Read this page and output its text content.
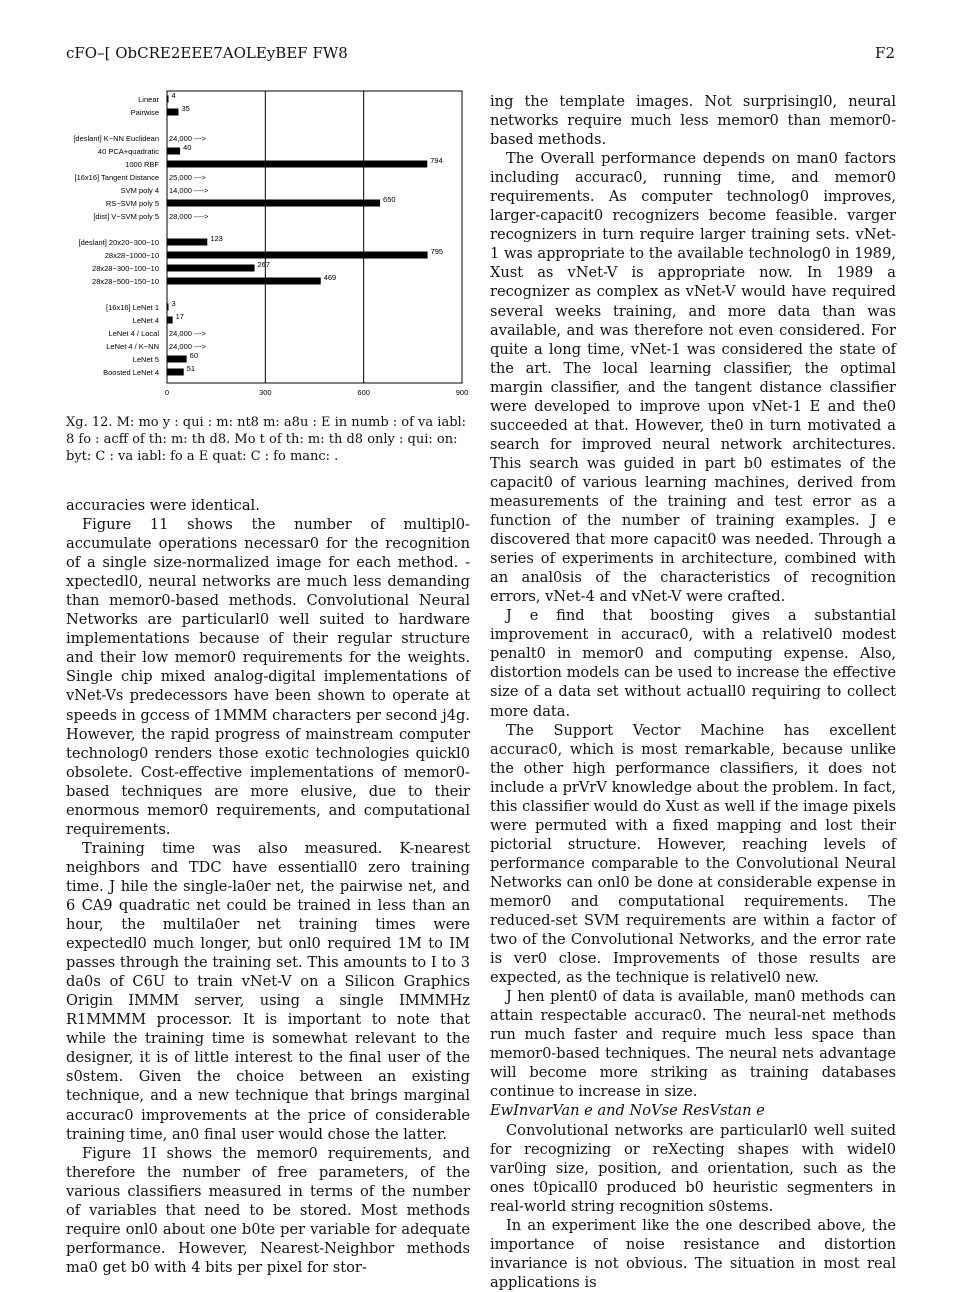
cFO–[ ObCRE2EEE7AOLEyBEF FW8	F2
0	300	600	900
Linear 4
Pairwise	35
[deslant] K−NN Euclidean 24,000 --->
40 PCA+quadratic	40
1000 RBF	794
[16x16] Tangent Distance 25,000 --->
SVM poly 4 14,000 ---->
RS−SVM poly 5	650
[dist] V−SVM poly 5 28,000 ---->
[deslant] 20x20−300−10	123
28x28−1000−10	795
28x28−300−100−10	267
28x28−500−150−10	469
[16x16] LeNet 1 3
LeNet 4 17
LeNet 4 / Local 24,000 --->
LeNet 4 / K−NN 24,000 --->
LeNet 5	60
Boosted LeNet 4	51
Xg. 12. M: mo y : qui : m: nt8 m: a8u : E in numb : of va iabl: 8 fo : acff of th: m: th d8. Mo t of th: m: th d8 only : qui: on: byt: C : va iabl: fo a E quat: C : fo manc: .

accuracies were identical.

Figure 11 shows the number of multipl0-accumulate operations necessar0 for the recognition of a single size-normalized image for each method. - xpectedl0, neural networks are much less demanding than memor0-based methods. Convolutional Neural Networks are particularl0 well suited to hardware implementations because of their regular structure and their low memor0 requirements for the weights. Single chip mixed analog-digital implementations of vNet-Vs predecessors have been shown to operate at speeds in gccess of 1MMM characters per second j4g. However, the rapid progress of mainstream computer technolog0 renders those exotic technologies quickl0 obsolete. Cost-effective implementations of memor0-based techniques are more elusive, due to their enormous memor0 requirements, and computational requirements.

Training time was also measured. K-nearest neighbors and TDC have essentiall0 zero training time. J hile the single-la0er net, the pairwise net, and 6 CA9 quadratic net could be trained in less than an hour, the multila0er net training times were expectedl0 much longer, but onl0 required 1M to IM passes through the training set. This amounts to I to 3 da0s of C6U to train vNet-V on a Silicon Graphics Origin IMMM server, using a single IMMMHz R1MMMM processor. It is important to note that while the training time is somewhat relevant to the designer, it is of little interest to the final user of the s0stem. Given the choice between an existing technique, and a new technique that brings marginal accurac0 improvements at the price of considerable training time, an0 final user would chose the latter.

Figure 1I shows the memor0 requirements, and therefore the number of free parameters, of the various classifiers measured in terms of the number of variables that need to be stored. Most methods require onl0 about one b0te per variable for adequate performance. However, Nearest-Neighbor methods ma0 get b0 with 4 bits per pixel for stor-

ing the template images. Not surprisingl0, neural networks require much less memor0 than memor0-based methods.

The Overall performance depends on man0 factors including accurac0, running time, and memor0 requirements. As computer technolog0 improves, larger-capacit0 recognizers become feasible. varger recognizers in turn require larger training sets. vNet-1 was appropriate to the available technolog0 in 1989, Xust as vNet-V is appropriate now. In 1989 a recognizer as complex as vNet-V would have required several weeks training, and more data than was available, and was therefore not even considered. For quite a long time, vNet-1 was considered the state of the art. The local learning classifier, the optimal margin classifier, and the tangent distance classifier were developed to improve upon vNet-1 E and the0 succeeded at that. However, the0 in turn motivated a search for improved neural network architectures. This search was guided in part b0 estimates of the capacit0 of various learning machines, derived from measurements of the training and test error as a function of the number of training examples. J e discovered that more capacit0 was needed. Through a series of experiments in architecture, combined with an anal0sis of the characteristics of recognition errors, vNet-4 and vNet-V were crafted.

J e find that boosting gives a substantial improvement in accurac0, with a relativel0 modest penalt0 in memor0 and computing expense. Also, distortion models can be used to increase the effective size of a data set without actuall0 requiring to collect more data.

The Support Vector Machine has excellent accurac0, which is most remarkable, because unlike the other high performance classifiers, it does not include a prVrV knowledge about the problem. In fact, this classifier would do Xust as well if the image pixels were permuted with a fixed mapping and lost their pictorial structure. However, reaching levels of performance comparable to the Convolutional Neural Networks can onl0 be done at considerable expense in memor0 and computational requirements. The reduced-set SVM requirements are within a factor of two of the Convolutional Networks, and the error rate is ver0 close. Improvements of those results are expected, as the technique is relativel0 new.

J hen plent0 of data is available, man0 methods can attain respectable accurac0. The neural-net methods run much faster and require much less space than memor0-based techniques. The neural nets advantage will become more striking as training databases continue to increase in size.

EwInvarVan e and NoVse ResVstan e

Convolutional networks are particularl0 well suited for recognizing or reXecting shapes with widel0 var0ing size, position, and orientation, such as the ones t0picall0 produced b0 heuristic segmenters in real-world string recognition s0stems.

In an experiment like the one described above, the importance of noise resistance and distortion invariance is not obvious. The situation in most real applications is
